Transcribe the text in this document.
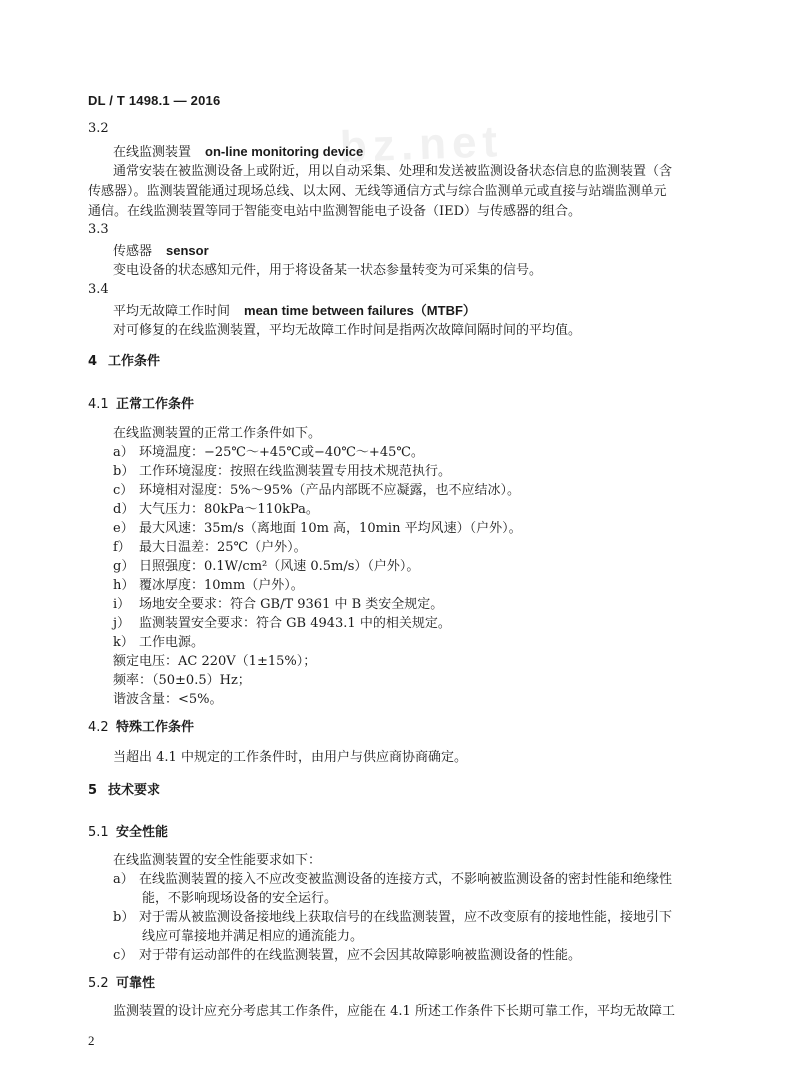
DL / T 1498.1 — 2016
bz.net
3.2
在线监测装置 on-line monitoring device
通常安装在被监测设备上或附近，用以自动采集、处理和发送被监测设备状态信息的监测装置（含
传感器）。监测装置能通过现场总线、以太网、无线等通信方式与综合监测单元或直接与站端监测单元
通信。在线监测装置等同于智能变电站中监测智能电子设备（IED）与传感器的组合。
3.3
传感器 sensor
变电设备的状态感知元件，用于将设备某一状态参量转变为可采集的信号。
3.4
平均无故障工作时间 mean time between failures（MTBF）
对可修复的在线监测装置，平均无故障工作时间是指两次故障间隔时间的平均值。
4 工作条件
4.1 正常工作条件
在线监测装置的正常工作条件如下。
a） 环境温度：−25℃～+45℃或−40℃～+45℃。
b） 工作环境湿度：按照在线监测装置专用技术规范执行。
c） 环境相对湿度：5%～95%（产品内部既不应凝露，也不应结冰）。
d） 大气压力：80kPa～110kPa。
e） 最大风速：35m/s（离地面 10m 高，10min 平均风速）（户外）。
f） 最大日温差：25℃（户外）。
g） 日照强度：0.1W/cm²（风速 0.5m/s）（户外）。
h） 覆冰厚度：10mm（户外）。
i） 场地安全要求：符合 GB/T 9361 中 B 类安全规定。
j） 监测装置安全要求：符合 GB 4943.1 中的相关规定。
k） 工作电源。
额定电压：AC 220V（1±15%）；
频率：（50±0.5）Hz；
谐波含量：<5%。
4.2 特殊工作条件
当超出 4.1 中规定的工作条件时，由用户与供应商协商确定。
5 技术要求
5.1 安全性能
在线监测装置的安全性能要求如下：
a） 在线监测装置的接入不应改变被监测设备的连接方式，不影响被监测设备的密封性能和绝缘性
能，不影响现场设备的安全运行。
b） 对于需从被监测设备接地线上获取信号的在线监测装置，应不改变原有的接地性能，接地引下
线应可靠接地并满足相应的通流能力。
c） 对于带有运动部件的在线监测装置，应不会因其故障影响被监测设备的性能。
5.2 可靠性
监测装置的设计应充分考虑其工作条件，应能在 4.1 所述工作条件下长期可靠工作，平均无故障工
2
